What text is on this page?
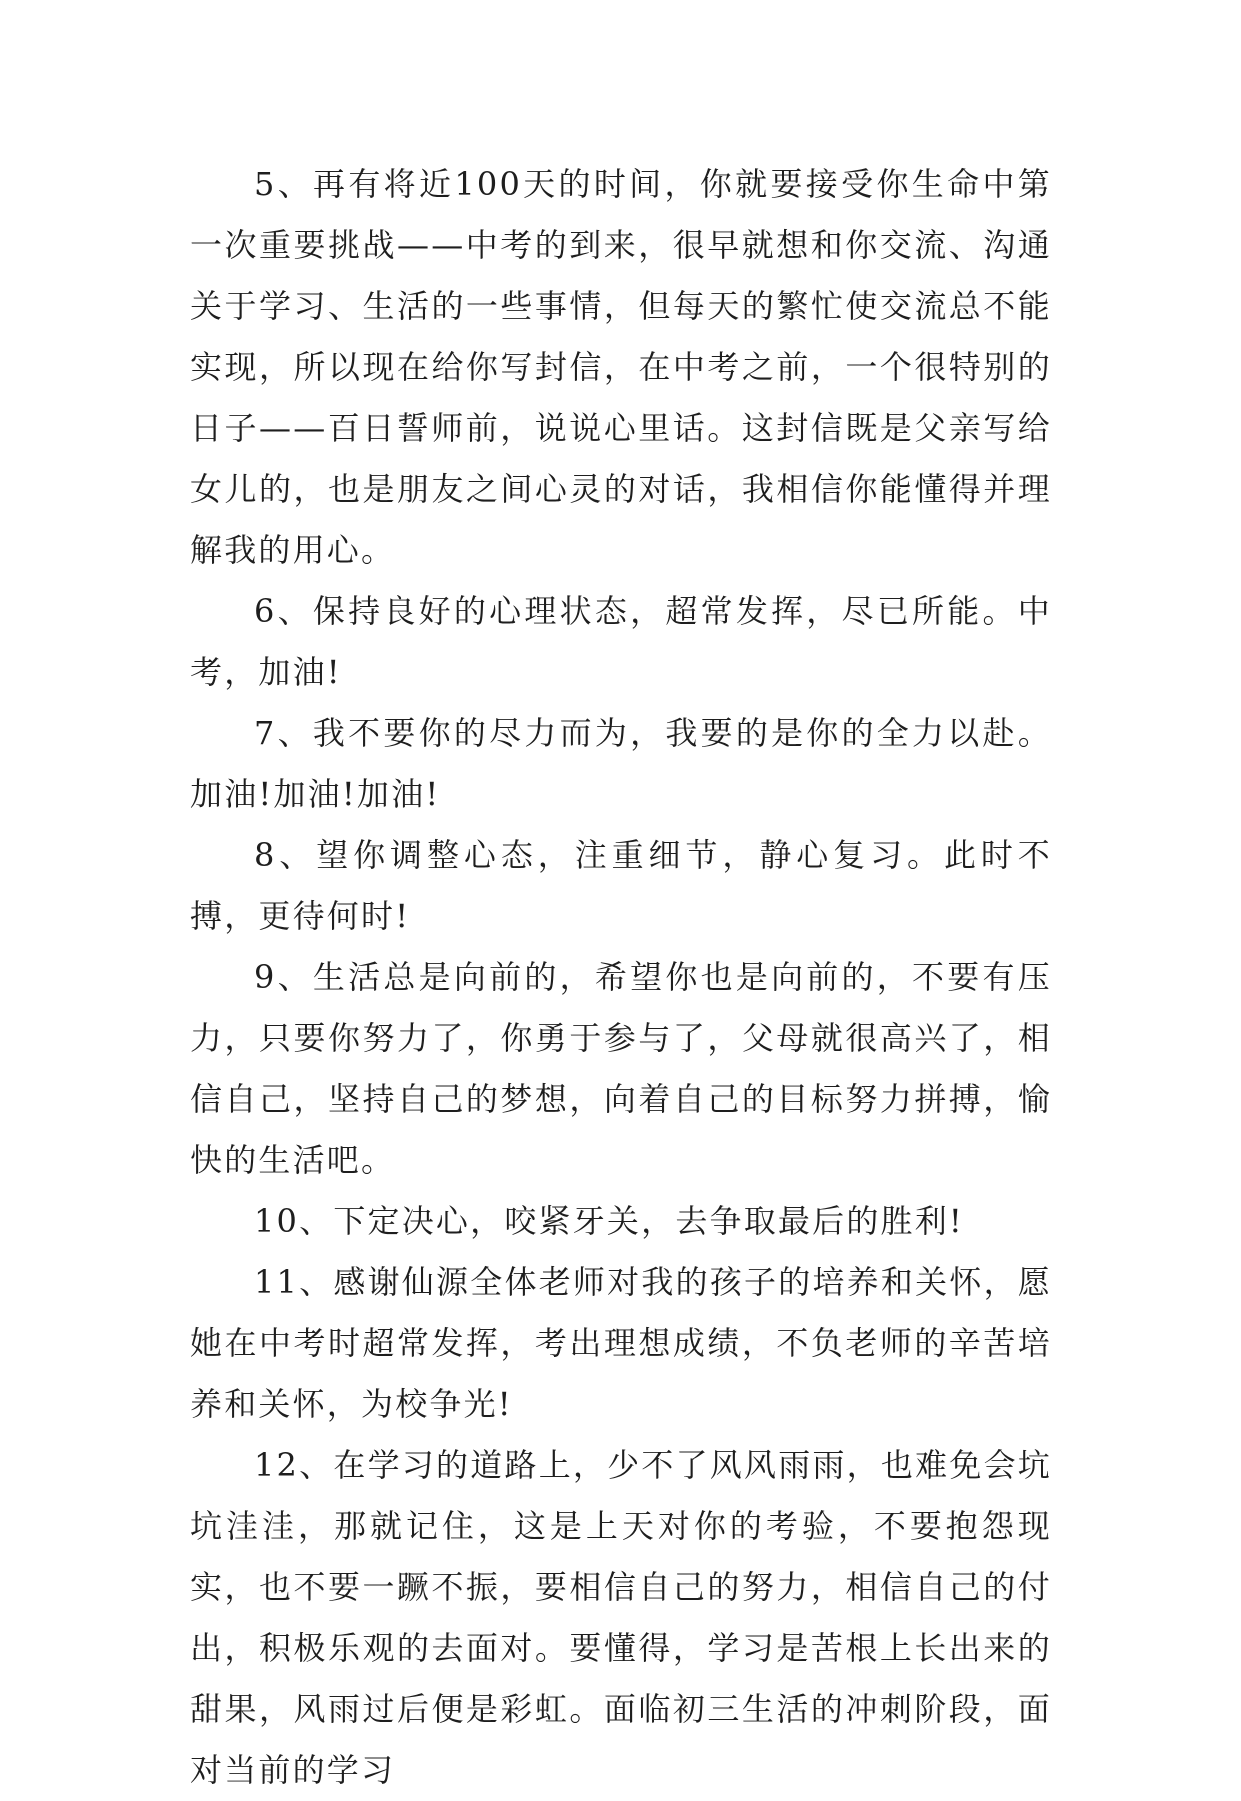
5、再有将近100天的时间，你就要接受你生命中第一次重要挑战——中考的到来，很早就想和你交流、沟通关于学习、生活的一些事情，但每天的繁忙使交流总不能实现，所以现在给你写封信，在中考之前，一个很特别的日子——百日誓师前，说说心里话。这封信既是父亲写给女儿的，也是朋友之间心灵的对话，我相信你能懂得并理解我的用心。

6、保持良好的心理状态，超常发挥，尽已所能。中考，加油!

7、我不要你的尽力而为，我要的是你的全力以赴。加油!加油!加油!

8、望你调整心态，注重细节，静心复习。此时不搏，更待何时!

9、生活总是向前的，希望你也是向前的，不要有压力，只要你努力了，你勇于参与了，父母就很高兴了，相信自己，坚持自己的梦想，向着自己的目标努力拼搏，愉快的生活吧。

10、下定决心，咬紧牙关，去争取最后的胜利!

11、感谢仙源全体老师对我的孩子的培养和关怀，愿她在中考时超常发挥，考出理想成绩，不负老师的辛苦培养和关怀，为校争光!

12、在学习的道路上，少不了风风雨雨，也难免会坑坑洼洼，那就记住，这是上天对你的考验，不要抱怨现实，也不要一蹶不振，要相信自己的努力，相信自己的付出，积极乐观的去面对。要懂得，学习是苦根上长出来的甜果，风雨过后便是彩虹。面临初三生活的冲刺阶段，面对当前的学习
